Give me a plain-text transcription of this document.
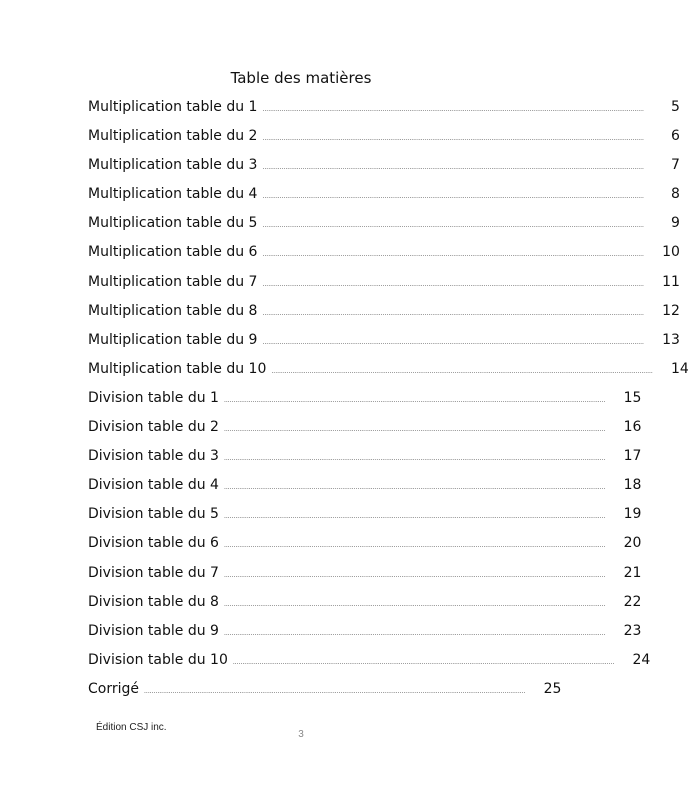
Table des matières
Multiplication table du 1 ........................................................................................................................................................................................................	5
Multiplication table du 2 ........................................................................................................................................................................................................	6
Multiplication table du 3 ........................................................................................................................................................................................................	7
Multiplication table du 4 ........................................................................................................................................................................................................	8
Multiplication table du 5 ........................................................................................................................................................................................................	9
Multiplication table du 6 ........................................................................................................................................................................................................	10
Multiplication table du 7 ........................................................................................................................................................................................................	11
Multiplication table du 8 ........................................................................................................................................................................................................	12
Multiplication table du 9 ........................................................................................................................................................................................................	13
Multiplication table du 10 ........................................................................................................................................................................................................	14
Division table du 1 ........................................................................................................................................................................................................	15
Division table du 2 ........................................................................................................................................................................................................	16
Division table du 3 ........................................................................................................................................................................................................	17
Division table du 4 ........................................................................................................................................................................................................	18
Division table du 5 ........................................................................................................................................................................................................	19
Division table du 6 ........................................................................................................................................................................................................	20
Division table du 7 ........................................................................................................................................................................................................	21
Division table du 8 ........................................................................................................................................................................................................	22
Division table du 9 ........................................................................................................................................................................................................	23
Division table du 10 ........................................................................................................................................................................................................	24
Corrigé ........................................................................................................................................................................................................	25
Édition CSJ inc.
3
